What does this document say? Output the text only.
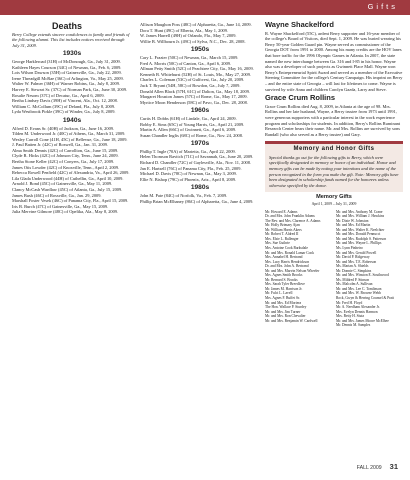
Gifts
Deaths

Berry College extends sincere condolences to family and friends of the following alumni. This list includes notices received through July 31, 2009.

1930s

George Harkleroad (31H) of McDonough, Ga., July 31, 2009.

Kathleen Hayes Courson (34C) of Newnan, Ga., Feb. 6, 2009.

Lois Wilson Dawson (35H) of Gainesville, Ga., July 22, 2009.

Irene Threadgill McRae (36C) of Arlington, Va., May 25, 2009.

Walter W. Palmer (36H) of Warner Robins, Ga., July 8, 2009.

Harvey E. Stewart Sr. (37C) of Norman Park, Ga., June 30, 2009.

Rosalie Nesom (37C) of Decatur, Ga., April 6, 2009.

Bertha Lindsey Davis (39H) of Vincent, Ala., Oct. 12, 2008.

William C. McCollum (39C) of Deland, Fla., July 8, 2009.

Lyda Westbrook Pirkle (39C) of Winder, Ga., July 8, 2009.

1940s

Alfred D. Evans Sr. (40H) of Jackson, Ga., June 16, 2009.

Tilden M. Underwood Jr. (40C) of Athens, Ga., March 31, 2009.

Wesley Carroll Cone (41H, 45C) of Bellevue, Ga., June 18, 2009.

J. Paul Batten Jr. (42C) of Roswell, Ga., Jan. 31, 2009.

Alma Smith Dennis (42C) of Carrollton, Ga., June 15, 2009.

Clyde R. Hicks (42C) of Johnson City, Tenn., June 24, 2009.

Bertha Stone Keller (42C) of Conyers, Ga., July 17, 2009.

James Otis Lowder (42C) of Knoxville, Tenn., April 2, 2009.

Rebecca Rowell Penfield (42C) of Alexandria, Va., April 26, 2009.

Lila Glada Underwood (44H) of Cuthellin, Ga., April 10, 2009.

Arnold J. Bond (45C) of Gainesville, Ga., May 11, 2009.

Clancy McCash Wardlaw (45C) of Atlanta, Ga., July 15, 2009.

James Bush (46C) of Rossville, Ga., Jan. 29, 2009.

Marshall Foster Vesek (46C) of Panama City, Fla., April 15, 2009.

Iris B. Burch (47C) of Gainesville, Ga., May 15, 2009.

Julia Mervine Gilmore (48C) of Opelika, Ala., May 8, 2009.

Allison Maughon Poss (48C) of Alpharetta, Ga., June 14, 2009.

Dora T. Hunt (49C) of Elberta, Ala., May 1, 2009.

W. James Harrell (49H) of Orlando, Fla., May 7, 2009.

Willie B. Willbourn Jr. (49C) of Sylva, N.C., Dec. 28, 2008.

1950s

Cary L. Frazier (50C) of Newnan, Ga., March 15, 2009.

Fred A. Morris (50C) of Canton, Ga., April 6, 2009.

Allman Petty Smith (52C) of Peachtree City, Ga., May 16, 2009.

Kenneth B. Whitehurst (52H) of St. Louis, Mo., May 27, 2009.

Charles L. Coleman (53C) of Gulfcrest, Ga., July 20, 2009.

Jack T. Bryant (54H, 58C) of Bowdon, Ga., July 7, 2009.

Donald Allen Black (57H, 61C) of Dalton, Ga., May 18, 2009.

Margaret Houston James (57C) of Rome, Ga., May 17, 2009.

Myrtice Moon Henderson (58C) of Pavo, Ga., Dec. 28, 2008.

1960s

Curtis H. Dobbs (61H) of Lindale, Ga., April 24, 2009.

Bobby E. Sims (65C) of Young Harris, Ga., April 21, 2009.

Martin A. Allen (66C) of Gwinnett, Ga., April 6, 2009.

Susan Chandler Inglis (68C) of Rome, Ga., Nov. 24, 2008.

1970s

Phillip T. Ingle (70A) of Marietta, Ga., April 22, 2009.

Helen Thomson Ravitch (71C) of Savannah, Ga., June 20, 2009.

Richard D. Chandler (72C) of Gaylesville, Ala., Nov. 11, 2008.

Jan E. Hartsell (76C) of Panama City, Fla., Feb. 25, 2009.

Michael D. Davis (78C) of Newnan, Ga., May 3, 2009.

Ellie N. Bishop (79C) of Phoenix, Ariz., April 8, 2009.

1980s

John M. Pate (84C) of Norfolk, Va., Feb. 7, 2009.

Phillip Brian McElhaney (86C) of Alpharetta, Ga., June 4, 2009.

Wayne Shackelford

R. Wayne Shackelford (55C), ardent Berry supporter and 16-year member of the college's Board of Visitors, died Sept. 1, 2009. He was buried wearing his Berry 50-year Golden Guard pin. Wayne served as commissioner of the Georgia DOT from 1991 to 2000. Among his many credits are the HOV lanes that bore traffic for the 1996 Olympic Games in Atlanta. In 2007, the state named the new interchange between Ga. 316 and I-85 in his honor. Wayne also was a developer of such projects as Gwinnett Place Mall. Wayne won Berry's Entrepreneurial Spirit Award and served as a member of the Executive Steering Committee for the college's Century Campaign. His imprint on Berry – and the entire state of Georgia – will last for lifetimes to come. Wayne is survived by wife Anna and children Carolyn Gazda, Larry and Steve.

Grace Crum Rollins

Grace Crum Rollins died Aug. 8, 2009, in Atlanta at the age of 98. Mrs. Rollins and her late husband, Wayne, a Berry trustee from 1973 until 1991, were generous supporters with a particular interest in the work experience program and scholarships for students. In addition, Berry's Rollins Ruminant Research Center bears their name. Mr. and Mrs. Rollins are survived by sons Randall (who also served as a Berry trustee) and Gary.

Memory and Honor Gifts

Special thanks go out for the following gifts to Berry, which were specifically designated in memory or honor of an individual. Honor and memory gifts can be made by noting your intentions and the name of the person recognized in the form you make the gift. Note: Memory gifts have been designated in scholarship funds named for the honorees unless otherwise specified by the donor.

Memory Gifts
April 1, 2009 – July 31, 2009
Mr. Howard E. Adams
Dr. and Mrs. John Franklin Adams
The Rev. and Mrs. Clarence A. Adams
Mr. Holly Brimary Ajan
Mr. William Harris Akers
Mr. Robert T. Aldred II
Mrs. Elsie L. Ballenger
Mrs. Sue Guthrie
Mrs. Antoine Cook Barksdale
Mr. and Mrs. Ronald Lamar Cook
Mrs. Annabel H. Bertrand
Mrs. Lucy Harris Hendrickson
Dr. and Mrs. John A. Bertrand
Mr. and Mrs. Marvin Nelson Wheeler
Mrs. Agnes Smith Brooks
Mr. Bernard S. Brooks
Mrs. Sarah Tyler Breedlove
Mr. James M. Harrison Jr.
Mr. Fulci L. Lavell
Mrs. Agnes F. Buffet Sr.
Mr. and Mrs. Ed Moriera
The Hon. Wallace P. Sturdey
Mr. and Mrs. Jim Turner
Mr. and Mrs. Ron Chevalier
Mr. and Mrs. Benjamin W. Cardwell
Mr. and Mrs. Anthony M. Crane
Mr. and Mrs. William J. Hawkins
Mr. Dixie W. Johnston
Mr. and Mrs. Ed Martin
Mr. and Mrs. Walter K. Neelchter
Mr. and Mrs. Donald Pennucci
Mr. and Mrs. Rudolph S. Patterson
Mr. and Mrs. Wayne L. Phillips
Ms. Lynn Pinheiro
Mr. and Mrs. Gerald Powell
Mr. David P. Ridgeway
Mr. and Mrs. T.E. Roberson
Ms. Marian A. Shields
Mr. Donnie C. Simpkins
Mr. and Mrs. Winston E. Southwood
Ms. Mildred P. Stinson
Ms. Malcolm A. Sullivan
Mr. and Mrs. Lee C. Tomlinson
Mr. and Mrs. W. Browne Webb
Rock, Gwyn & Herring Counsel & Pratt
Mr. Fred H. Floyd
Mr. A. Needham Alexander Jr.
Mrs. Evelyn Dennis Harmon
Mrs. Betty H. Stutz
Mr. and Mrs. James Moore McElhee
Mr. Dennis M. Samples
FALL 2009 31
